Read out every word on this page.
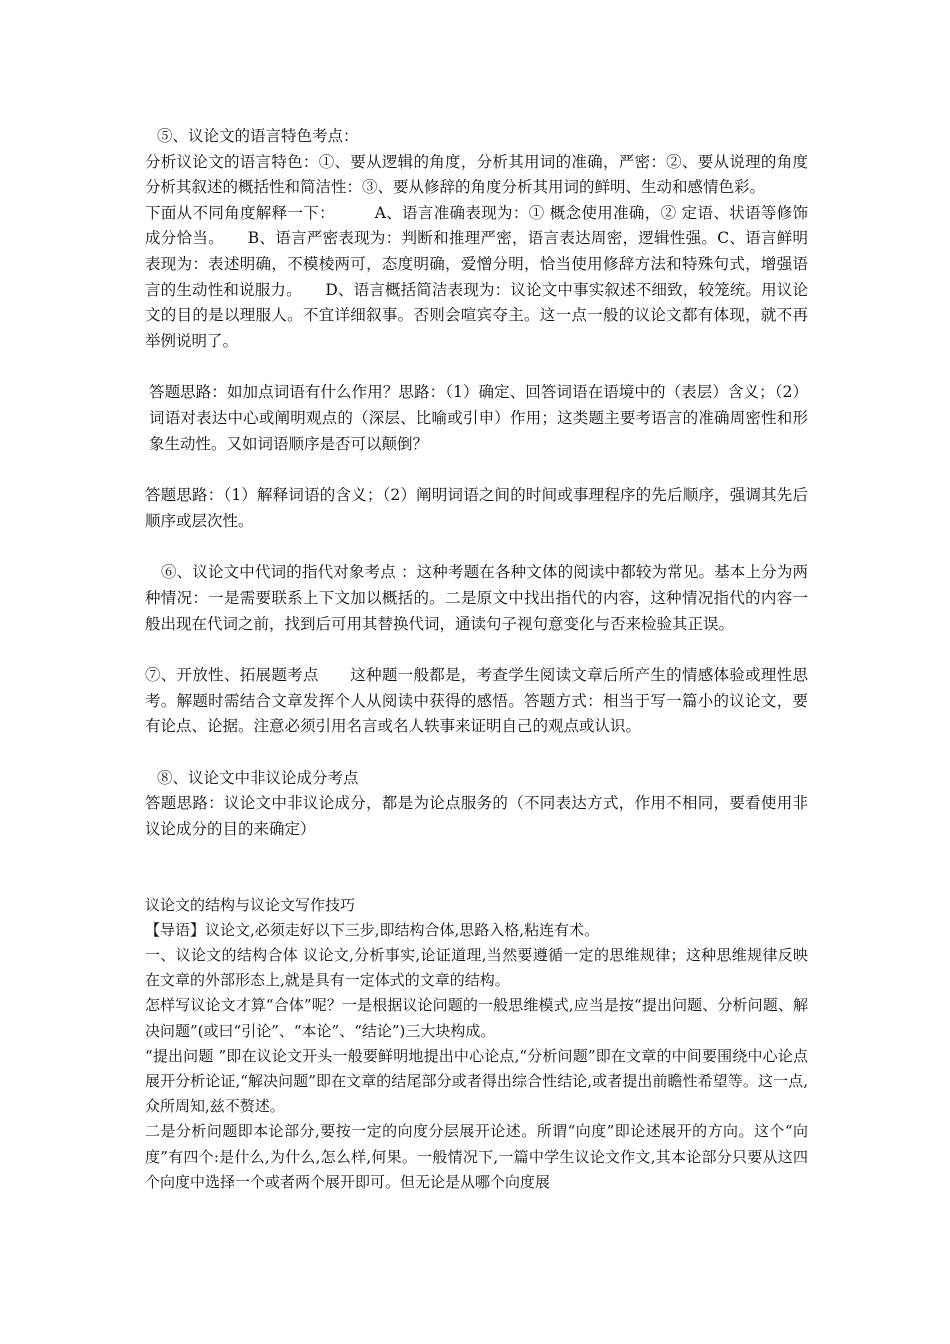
⑤、议论文的语言特色考点：

分析议论文的语言特色：①、要从逻辑的角度，分析其用词的准确，严密：②、要从说理的角度分析其叙述的概括性和简洁性：③、要从修辞的角度分析其用词的鲜明、生动和感情色彩。

下面从不同角度解释一下：　　　A、语言准确表现为：① 概念使用准确，② 定语、状语等修饰成分恰当。　　B、语言严密表现为：判断和推理严密，语言表达周密，逻辑性强。C、语言鲜明表现为：表述明确，不模棱两可，态度明确，爱憎分明，恰当使用修辞方法和特殊句式，增强语言的生动性和说服力。　　D、语言概括简洁表现为：议论文中事实叙述不细致，较笼统。用议论文的目的是以理服人。不宜详细叙事。否则会喧宾夺主。这一点一般的议论文都有体现，就不再举例说明了。

答题思路：如加点词语有什么作用？思路：（1）确定、回答词语在语境中的（表层）含义；（2）词语对表达中心或阐明观点的（深层、比喻或引申）作用；这类题主要考语言的准确周密性和形象生动性。又如词语顺序是否可以颠倒？

答题思路：（1）解释词语的含义；（2）阐明词语之间的时间或事理程序的先后顺序，强调其先后顺序或层次性。

⑥、议论文中代词的指代对象考点 ：这种考题在各种文体的阅读中都较为常见。基本上分为两种情况：一是需要联系上下文加以概括的。二是原文中找出指代的内容，这种情况指代的内容一般出现在代词之前，找到后可用其替换代词，通读句子视句意变化与否来检验其正误。

⑦、开放性、拓展题考点　　这种题一般都是，考查学生阅读文章后所产生的情感体验或理性思考。解题时需结合文章发挥个人从阅读中获得的感悟。答题方式：相当于写一篇小的议论文，要有论点、论据。注意必须引用名言或名人轶事来证明自己的观点或认识。

⑧、议论文中非议论成分考点

答题思路：议论文中非议论成分，都是为论点服务的（不同表达方式，作用不相同，要看使用非议论成分的目的来确定）

议论文的结构与议论文写作技巧

【导语】议论文,必须走好以下三步,即结构合体,思路入格,粘连有术。

一、议论文的结构合体 议论文,分析事实,论证道理,当然要遵循一定的思维规律；这种思维规律反映在文章的外部形态上,就是具有一定体式的文章的结构。

怎样写议论文才算“合体”呢？一是根据议论问题的一般思维模式,应当是按“提出问题、分析问题、解决问题”(或曰“引论”、“本论”、“结论”)三大块构成。

“提出问题 ”即在议论文开头一般要鲜明地提出中心论点,“分析问题”即在文章的中间要围绕中心论点展开分析论证,“解决问题”即在文章的结尾部分或者得出综合性结论,或者提出前瞻性希望等。这一点,众所周知,兹不赘述。

二是分析问题即本论部分,要按一定的向度分层展开论述。所谓“向度”即论述展开的方向。这个“向度”有四个:是什么,为什么,怎么样,何果。一般情况下,一篇中学生议论文作文,其本论部分只要从这四个向度中选择一个或者两个展开即可。但无论是从哪个向度展
